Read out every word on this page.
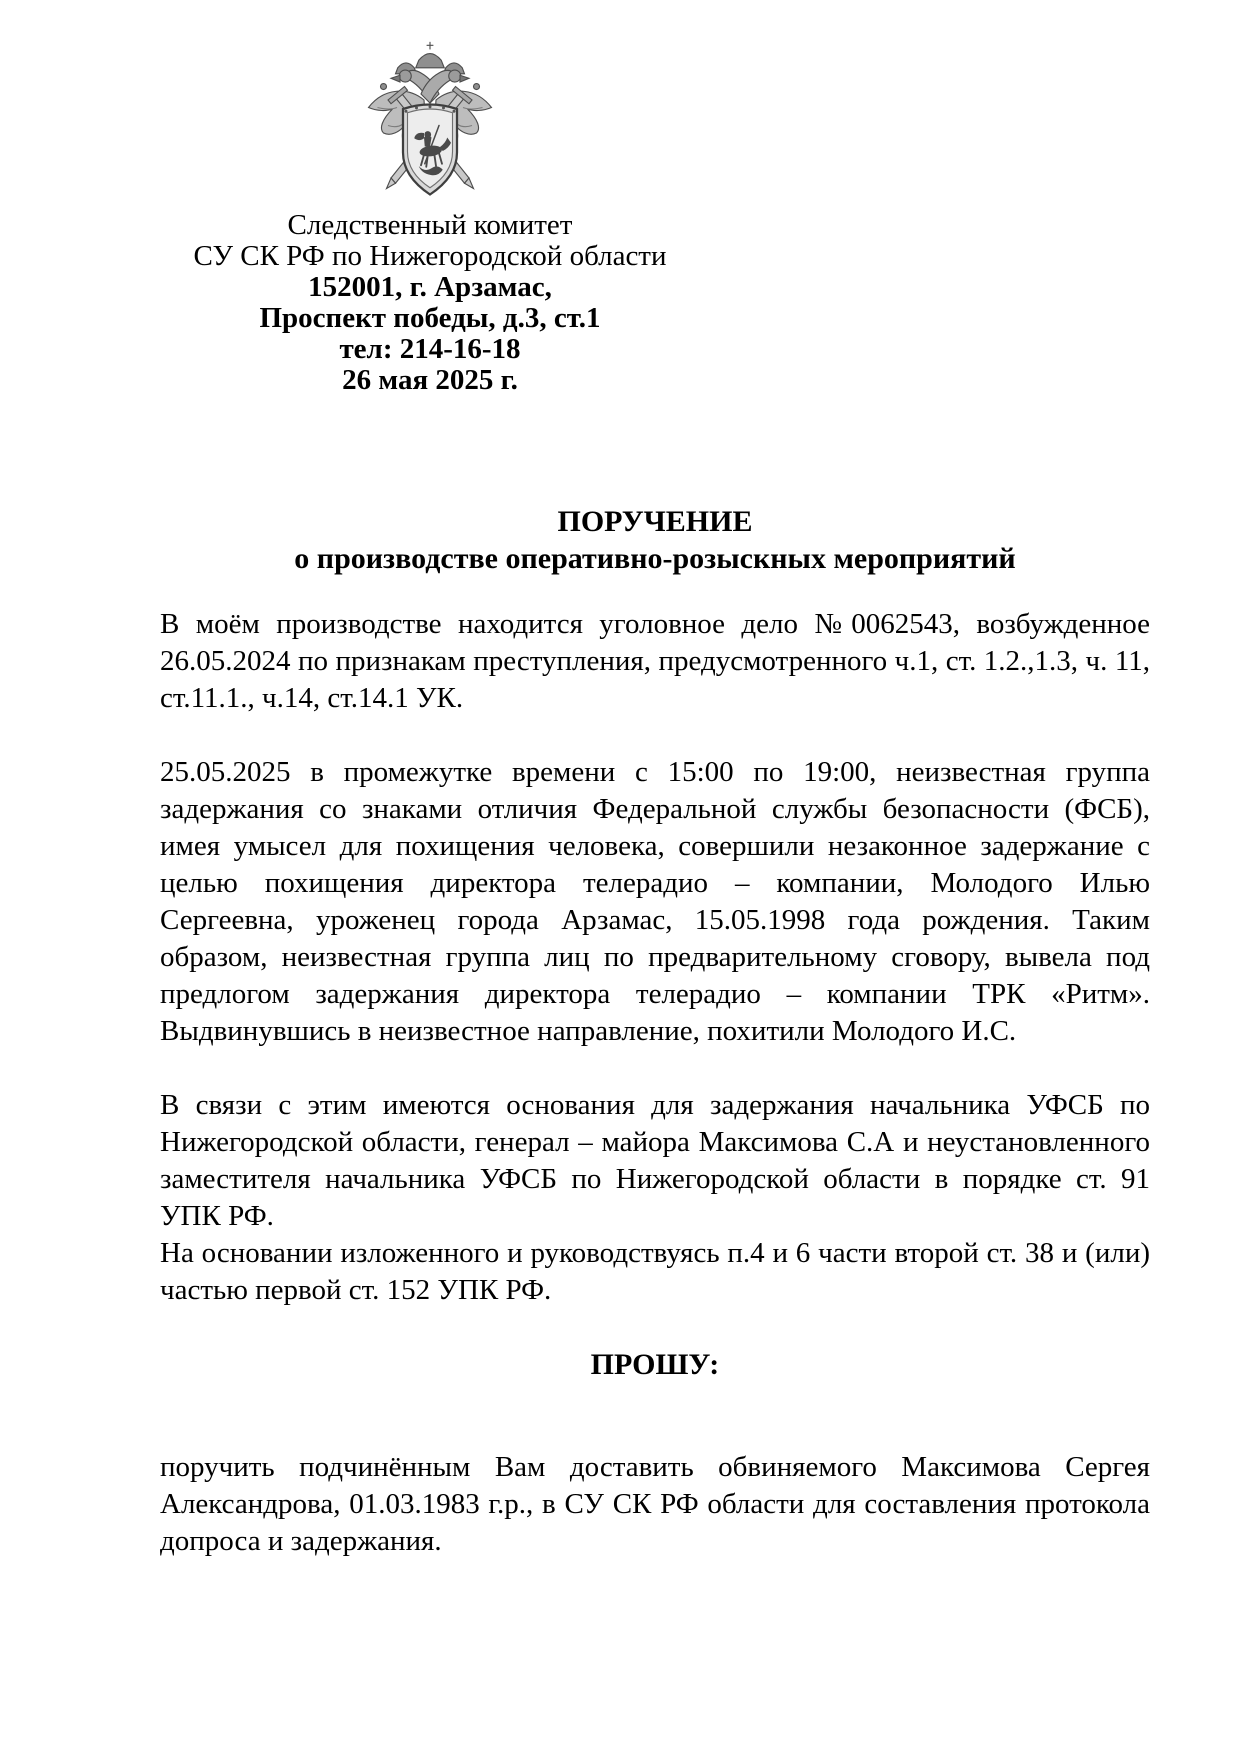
Следственный комитет
СУ СК РФ по Нижегородской области
152001, г. Арзамас,
Проспект победы, д.3, ст.1
тел: 214-16-18
26 мая 2025 г.
ПОРУЧЕНИЕ
о производстве оперативно-розыскных мероприятий

В моём производстве находится уголовное дело №0062543, возбужденное 26.05.2024 по признакам преступления, предусмотренного ч.1, ст. 1.2.,1.3, ч. 11, ст.11.1., ч.14, ст.14.1 УК.

25.05.2025 в промежутке времени с 15:00 по 19:00, неизвестная группа задержания со знаками отличия Федеральной службы безопасности (ФСБ), имея умысел для похищения человека, совершили незаконное задержание с целью похищения директора телерадио – компании, Молодого Илью Сергеевна, уроженец города Арзамас, 15.05.1998 года рождения. Таким образом, неизвестная группа лиц по предварительному сговору, вывела под предлогом задержания директора телерадио – компании ТРК «Ритм». Выдвинувшись в неизвестное направление, похитили Молодого И.С.

В связи с этим имеются основания для задержания начальника УФСБ по Нижегородской области, генерал – майора Максимова С.А и неустановленного заместителя начальника УФСБ по Нижегородской области в порядке ст. 91 УПК РФ.

На основании изложенного и руководствуясь п.4 и 6 части второй ст. 38 и (или) частью первой ст. 152 УПК РФ.

ПРОШУ:

поручить подчинённым Вам доставить обвиняемого Максимова Сергея Александрова, 01.03.1983 г.р., в СУ СК РФ области для составления протокола допроса и задержания.
